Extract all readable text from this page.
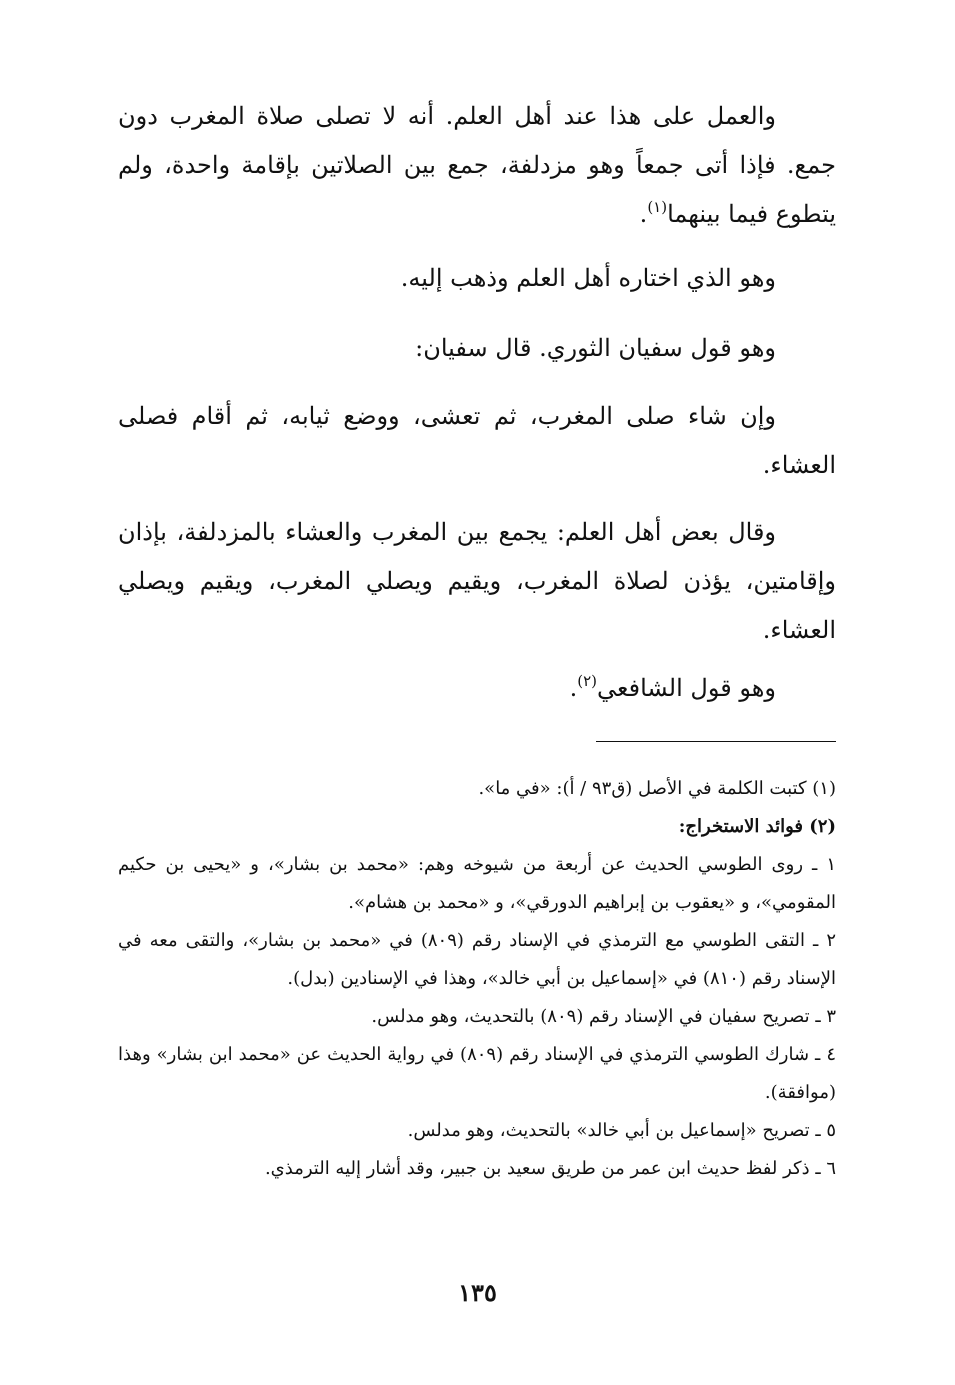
والعمل على هذا عند أهل العلم. أنه لا تصلى صلاة المغرب دون جمع. فإذا أتى جمعاً وهو مزدلفة، جمع بين الصلاتين بإقامة واحدة، ولم يتطوع فيما بينهما$^{(١)}$.

وهو الذي اختاره أهل العلم وذهب إليه.

وهو قول سفيان الثوري. قال سفيان:

وإن شاء صلى المغرب، ثم تعشى، ووضع ثيابه، ثم أقام فصلى العشاء.

وقال بعض أهل العلم: يجمع بين المغرب والعشاء بالمزدلفة، بإذان وإقامتين، يؤذن لصلاة المغرب، ويقيم ويصلي المغرب، ويقيم ويصلي العشاء.

وهو قول الشافعي$^{(٢)}$.

(١) كتبت الكلمة في الأصل (ق٩٣ / أ): «في ما».

(٢) فوائد الاستخراج:

١ ـ روى الطوسي الحديث عن أربعة من شيوخه وهم: «محمد بن بشار»، و «يحيى بن حكيم المقومي»، و «يعقوب بن إبراهيم الدورقي»، و «محمد بن هشام».

٢ ـ التقى الطوسي مع الترمذي في الإسناد رقم (٨٠٩) في «محمد بن بشار»، والتقى معه في الإسناد رقم (٨١٠) في «إسماعيل بن أبي خالد»، وهذا في الإسنادين (بدل).

٣ ـ تصريح سفيان في الإسناد رقم (٨٠٩) بالتحديث، وهو مدلس.

٤ ـ شارك الطوسي الترمذي في الإسناد رقم (٨٠٩) في رواية الحديث عن «محمد ابن بشار» وهذا (موافقة).

٥ ـ تصريح «إسماعيل بن أبي خالد» بالتحديث، وهو مدلس.

٦ ـ ذكر لفظ حديث ابن عمر من طريق سعيد بن جبير، وقد أشار إليه الترمذي.

١٣٥
